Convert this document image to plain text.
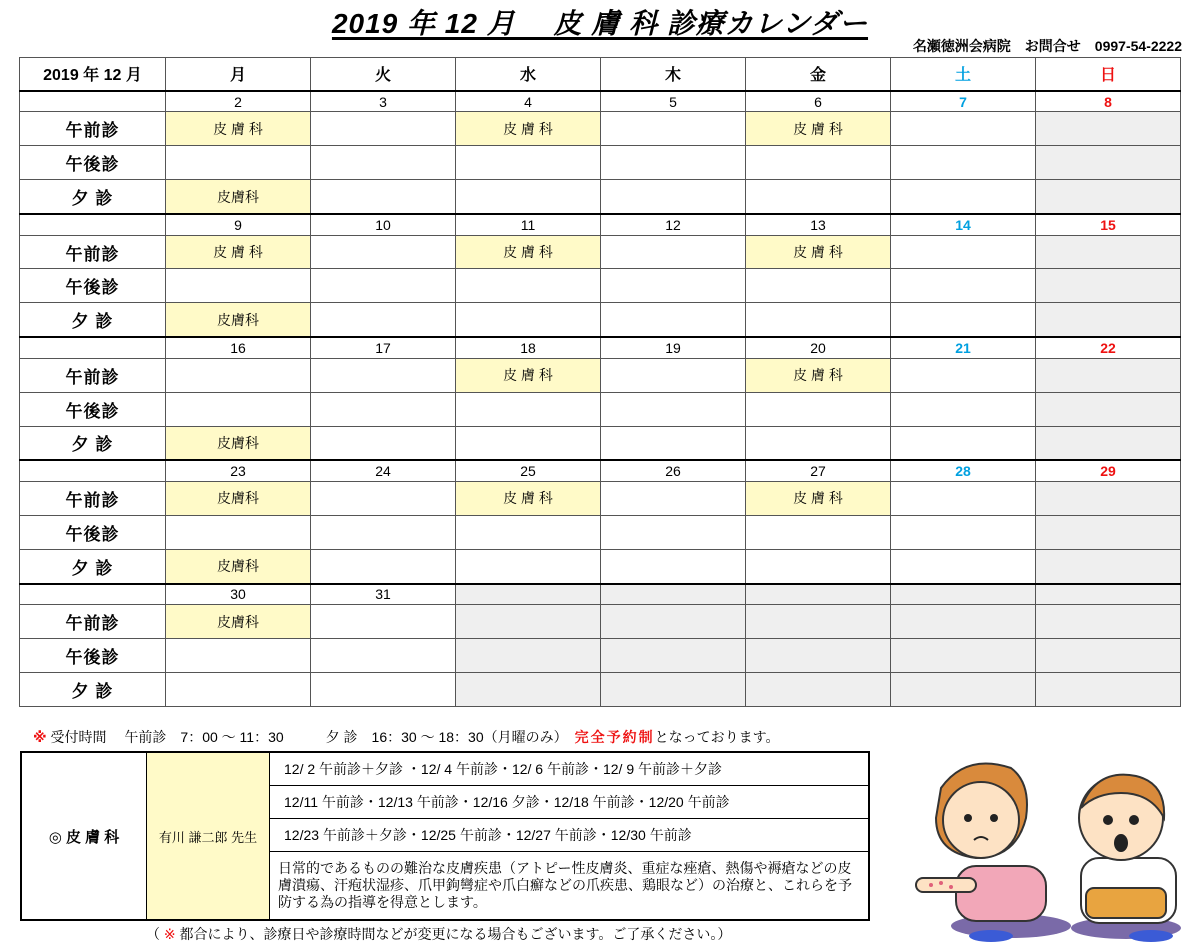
2019 年 12 月　 皮 膚 科 診療カレンダー
名瀬徳洲会病院　お問合せ　0997-54-2222
2019 年 12 月	月	火	水	木	金	土	日
	2	3	4	5	6	7	8
午前診	皮 膚 科		皮 膚 科		皮 膚 科		
午後診							
夕 診	皮膚科						
	9	10	11	12	13	14	15
午前診	皮 膚 科		皮 膚 科		皮 膚 科		
午後診							
夕 診	皮膚科						
	16	17	18	19	20	21	22
午前診			皮 膚 科		皮 膚 科		
午後診							
夕 診	皮膚科						
	23	24	25	26	27	28	29
午前診	皮膚科		皮 膚 科		皮 膚 科		
午後診							
夕 診	皮膚科						
	30	31					
午前診	皮膚科						
午後診							
夕 診							
※ 受付時間　 午前診　7：00 ～ 11：30　　　夕 診　16：30 ～ 18：30（月曜のみ）　完全予約制となっております。
◎ 皮 膚 科	有川 謙二郎 先生	12/ 2 午前診＋夕診 ・12/ 4 午前診・12/ 6 午前診・12/ 9 午前診＋夕診
12/11 午前診・12/13 午前診・12/16 夕診・12/18 午前診・12/20 午前診
12/23 午前診＋夕診・12/25 午前診・12/27 午前診・12/30 午前診
日常的であるものの難治な皮膚疾患（アトピー性皮膚炎、重症な痤瘡、熱傷や褥瘡などの皮膚潰瘍、汗疱状湿疹、爪甲鉤彎症や爪白癬などの爪疾患、鶏眼など）の治療と、これらを予防する為の指導を得意とします。
（ ※ 都合により、診療日や診療時間などが変更になる場合もございます。ご了承ください。）
